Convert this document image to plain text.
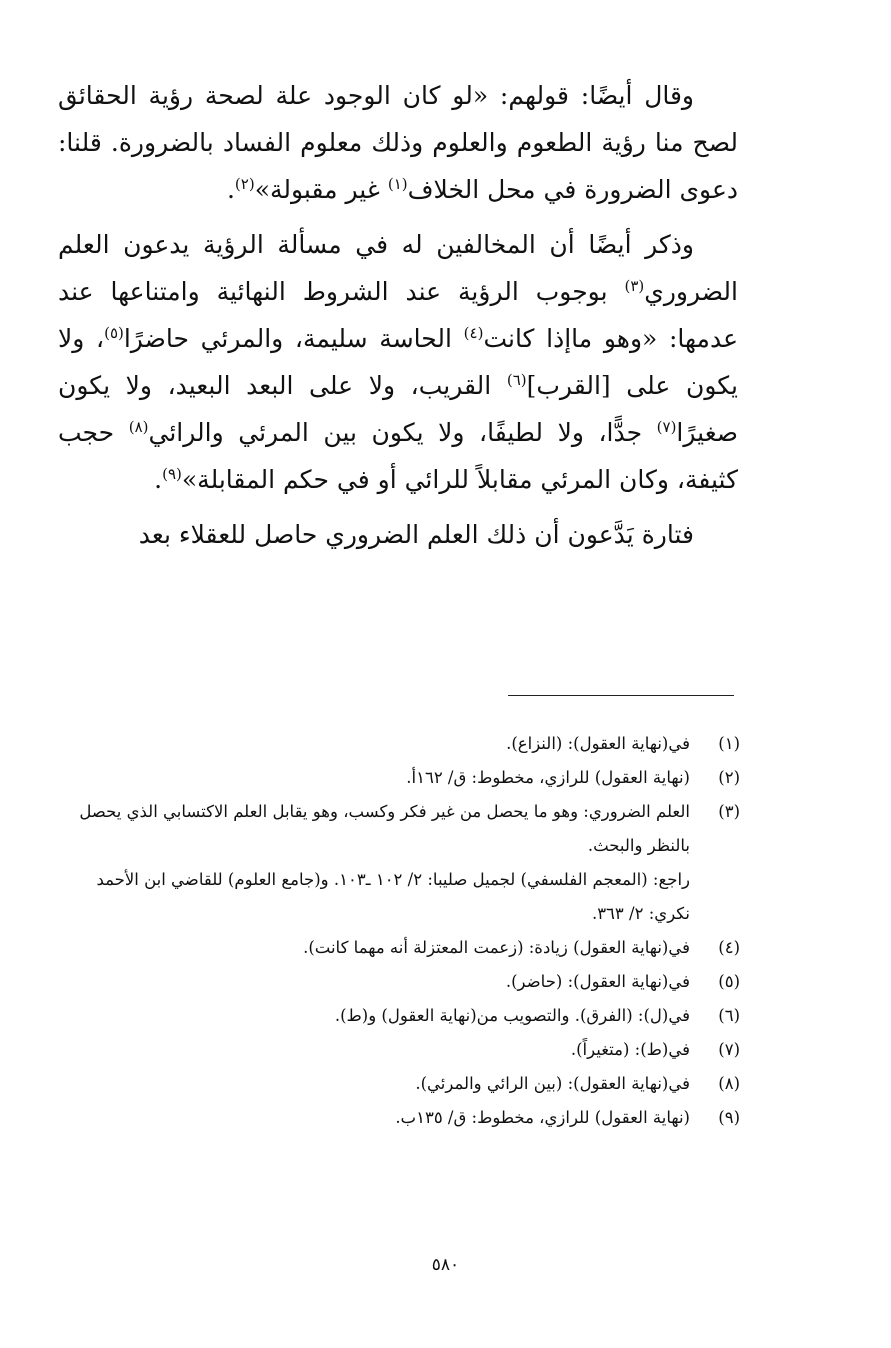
وقال أيضًا: قولهم: «لو كان الوجود علة لصحة رؤية الحقائق لصح منا رؤية الطعوم والعلوم وذلك معلوم الفساد بالضرورة. قلنا: دعوى الضرورة في محل الخلاف$^{(١)}$ غير مقبولة»$^{(٢)}$.

وذكر أيضًا أن المخالفين له في مسألة الرؤية يدعون العلم الضروري$^{(٣)}$ بوجوب الرؤية عند الشروط النهائية وامتناعها عند عدمها: «وهو ماإذا كانت$^{(٤)}$ الحاسة سليمة، والمرئي حاضرًا$^{(٥)}$، ولا يكون على [القرب]$^{(٦)}$ القريب، ولا على البعد البعيد، ولا يكون صغيرًا$^{(٧)}$ جدًّا، ولا لطيفًا، ولا يكون بين المرئي والرائي$^{(٨)}$ حجب كثيفة، وكان المرئي مقابلاً للرائي أو في حكم المقابلة»$^{(٩)}$.

فتارة يَدَّعون أن ذلك العلم الضروري حاصل للعقلاء بعد

(١)
في(نهاية العقول): (النزاع).
(٢)
(نهاية العقول) للرازي، مخطوط: ق/ ١٦٢أ.
(٣)
العلم الضروري: وهو ما يحصل من غير فكر وكسب، وهو يقابل العلم الاكتسابي الذي يحصل بالنظر والبحث.
راجع: (المعجم الفلسفي) لجميل صليبا: ٢/ ١٠٢ ـ١٠٣. و(جامع العلوم) للقاضي ابن الأحمد نكري: ٢/ ٣٦٣.
(٤)
في(نهاية العقول) زيادة: (زعمت المعتزلة أنه مهما كانت).
(٥)
في(نهاية العقول): (حاضر).
(٦)
في(ل): (الفرق). والتصويب من(نهاية العقول) و(ط).
(٧)
في(ط): (متغيراً).
(٨)
في(نهاية العقول): (بين الرائي والمرئي).
(٩)
(نهاية العقول) للرازي، مخطوط: ق/ ١٣٥ب.
٥٨٠
